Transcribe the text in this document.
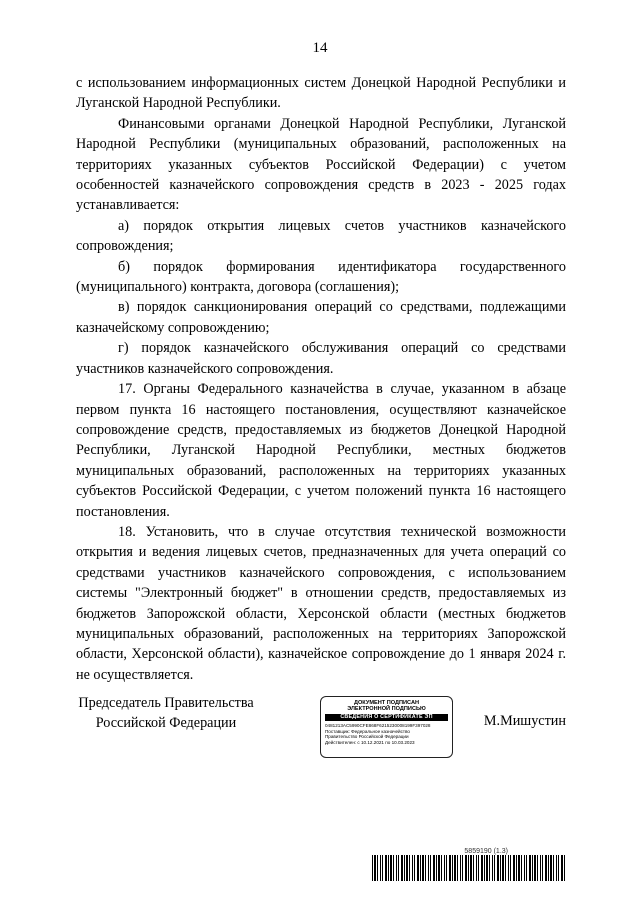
14

с использованием информационных систем Донецкой Народной Республики и Луганской Народной Республики.

Финансовыми органами Донецкой Народной Республики, Луганской Народной Республики (муниципальных образований, расположенных на территориях указанных субъектов Российской Федерации) с учетом особенностей казначейского сопровождения средств в 2023 - 2025 годах устанавливается:

а) порядок открытия лицевых счетов участников казначейского сопровождения;

б) порядок формирования идентификатора государственного (муниципального) контракта, договора (соглашения);

в) порядок санкционирования операций со средствами, подлежащими казначейскому сопровождению;

г) порядок казначейского обслуживания операций со средствами участников казначейского сопровождения.

17. Органы Федерального казначейства в случае, указанном в абзаце первом пункта 16 настоящего постановления, осуществляют казначейское сопровождение средств, предоставляемых из бюджетов Донецкой Народной Республики, Луганской Народной Республики, местных бюджетов муниципальных образований, расположенных на территориях указанных субъектов Российской Федерации, с учетом положений пункта 16 настоящего постановления.

18. Установить, что в случае отсутствия технической возможности открытия и ведения лицевых счетов, предназначенных для учета операций со средствами участников казначейского сопровождения, с использованием системы "Электронный бюджет" в отношении средств, предоставляемых из бюджетов Запорожской области, Херсонской области (местных бюджетов муниципальных образований, расположенных на территориях Запорожской области, Херсонской области), казначейское сопровождение до 1 января 2024 г. не осуществляется.

Председатель Правительства
Российской Федерации
ДОКУМЕНТ ПОДПИСАН
ЭЛЕКТРОННОЙ ПОДПИСЬЮ
СВЕДЕНИЯ О СЕРТИФИКАТЕ ЭП
0481213AC5990CFE868F6215230008199F397028
Поставщик: Федеральное казначейство
Правительство Российской Федерации
Действителен: с 10.12.2021 по 10.03.2023
М.Мишустин
5859190 (1.3)
